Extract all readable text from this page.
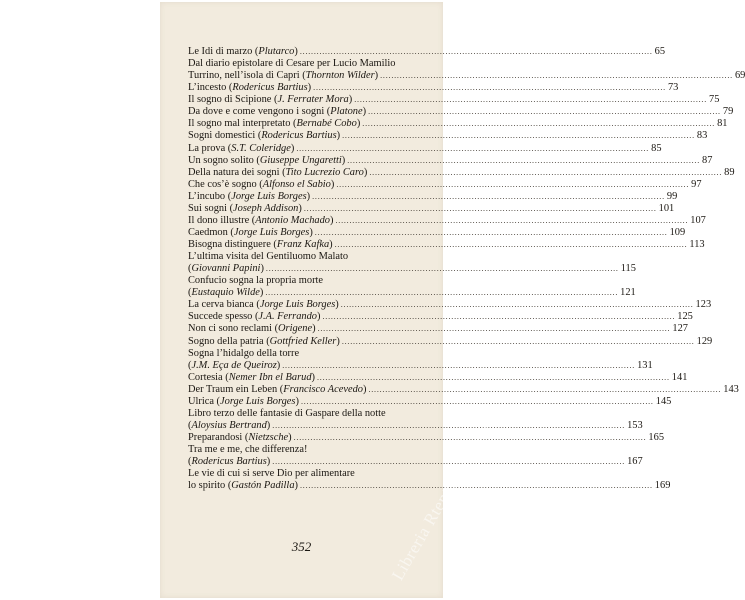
Le Idi di marzo (Plutarco) .....	65
Dal diario epistolare di Cesare per Lucio Mamilio
Turrino, nell’isola di Capri (Thornton Wilder) .....	69
L’incesto (Rodericus Bartius) .....	73
Il sogno di Scipione (J. Ferrater Mora) .....	75
Da dove e come vengono i sogni (Platone) .....	79
Il sogno mal interpretato (Bernabé Cobo) .....	81
Sogni domestici (Rodericus Bartius) .....	83
La prova (S.T. Coleridge) .....	85
Un sogno solito (Giuseppe Ungaretti) .....	87
Della natura dei sogni (Tito Lucrezio Caro) .....	89
Che cos’è sogno (Alfonso el Sabio) .....	97
L’incubo (Jorge Luis Borges) .....	99
Sui sogni (Joseph Addison) .....	101
Il dono illustre (Antonio Machado) .....	107
Caedmon (Jorge Luis Borges) .....	109
Bisogna distinguere (Franz Kafka) .....	113
L’ultima visita del Gentiluomo Malato
(Giovanni Papini) .....	115
Confucio sogna la propria morte
(Eustaquio Wilde) .....	121
La cerva bianca (Jorge Luis Borges) .....	123
Succede spesso (J.A. Ferrando) .....	125
Non ci sono reclami (Origene) .....	127
Sogno della patria (Gottfried Keller) .....	129
Sogna l’hidalgo della torre
(J.M. Eça de Queiroz) .....	131
Cortesia (Nemer Ibn el Barud) .....	141
Der Traum ein Leben (Francisco Acevedo) .....	143
Ulrica (Jorge Luis Borges) .....	145
Libro terzo delle fantasie di Gaspare della notte
(Aloysius Bertrand) .....	153
Preparandosi (Nietzsche) .....	165
Tra me e me, che differenza!
(Rodericus Bartius) .....	167
Le vie di cui si serve Dio per alimentare
lo spirito (Gastón Padilla) .....	169
352	Libreria Rtentum Adelphi
